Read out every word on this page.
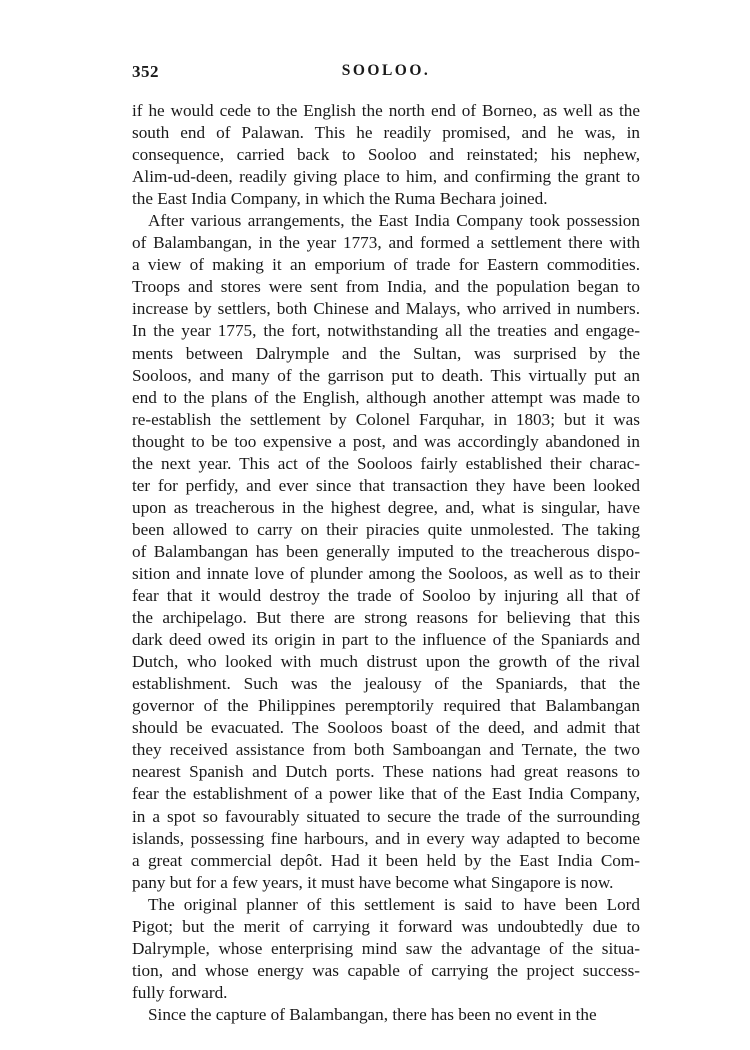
352	SOOLOO.
if he would cede to the English the north end of Borneo, as well as the
south end of Palawan. This he readily promised, and he was, in
consequence, carried back to Sooloo and reinstated; his nephew,
Alim-ud-deen, readily giving place to him, and confirming the grant to
the East India Company, in which the Ruma Bechara joined.
After various arrangements, the East India Company took possession
of Balambangan, in the year 1773, and formed a settlement there with
a view of making it an emporium of trade for Eastern commodities.
Troops and stores were sent from India, and the population began to
increase by settlers, both Chinese and Malays, who arrived in numbers.
In the year 1775, the fort, notwithstanding all the treaties and engage-
ments between Dalrymple and the Sultan, was surprised by the
Sooloos, and many of the garrison put to death. This virtually put an
end to the plans of the English, although another attempt was made to
re-establish the settlement by Colonel Farquhar, in 1803; but it was
thought to be too expensive a post, and was accordingly abandoned in
the next year. This act of the Sooloos fairly established their charac-
ter for perfidy, and ever since that transaction they have been looked
upon as treacherous in the highest degree, and, what is singular, have
been allowed to carry on their piracies quite unmolested. The taking
of Balambangan has been generally imputed to the treacherous dispo-
sition and innate love of plunder among the Sooloos, as well as to their
fear that it would destroy the trade of Sooloo by injuring all that of
the archipelago. But there are strong reasons for believing that this
dark deed owed its origin in part to the influence of the Spaniards and
Dutch, who looked with much distrust upon the growth of the rival
establishment. Such was the jealousy of the Spaniards, that the
governor of the Philippines peremptorily required that Balambangan
should be evacuated. The Sooloos boast of the deed, and admit that
they received assistance from both Samboangan and Ternate, the two
nearest Spanish and Dutch ports. These nations had great reasons to
fear the establishment of a power like that of the East India Company,
in a spot so favourably situated to secure the trade of the surrounding
islands, possessing fine harbours, and in every way adapted to become
a great commercial depôt. Had it been held by the East India Com-
pany but for a few years, it must have become what Singapore is now.
The original planner of this settlement is said to have been Lord
Pigot; but the merit of carrying it forward was undoubtedly due to
Dalrymple, whose enterprising mind saw the advantage of the situa-
tion, and whose energy was capable of carrying the project success-
fully forward.
Since the capture of Balambangan, there has been no event in the
